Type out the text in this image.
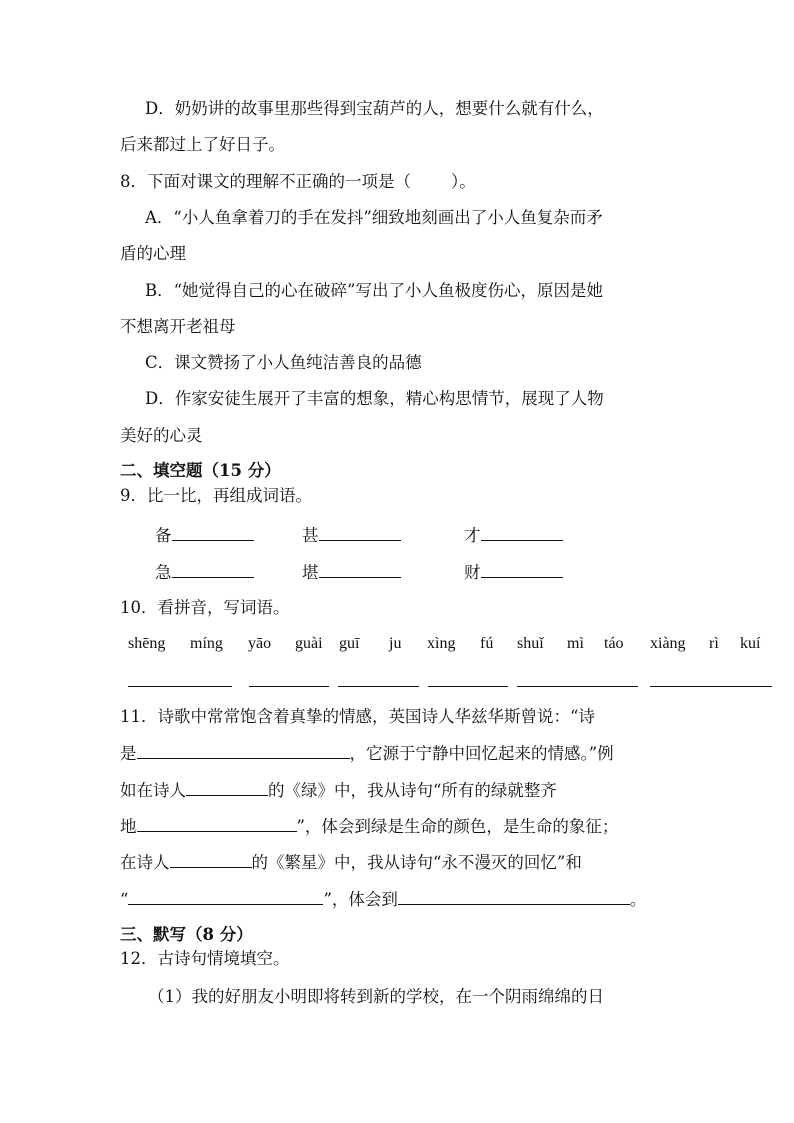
D．奶奶讲的故事里那些得到宝葫芦的人，想要什么就有什么，
后来都过上了好日子。
8．下面对课文的理解不正确的一项是（ ）。
A．“小人鱼拿着刀的手在发抖”细致地刻画出了小人鱼复杂而矛
盾的心理
B．“她觉得自己的心在破碎”写出了小人鱼极度伤心，原因是她
不想离开老祖母
C．课文赞扬了小人鱼纯洁善良的品德
D．作家安徒生展开了丰富的想象，精心构思情节，展现了人物
美好的心灵
二、填空题（15 分）
9．比一比，再组成词语。
备	甚	才
急	堪	财
10．看拼音，写词语。
shēng míng yāo guài guī ju xìng fú shuǐ mì táo xiàng rì kuí
11．诗歌中常常饱含着真挚的情感，英国诗人华兹华斯曾说：“诗
是	，它源于宁静中回忆起来的情感。”例
如在诗人	的《绿》中，我从诗句“所有的绿就整齐
地	”，体会到绿是生命的颜色，是生命的象征；
在诗人	的《繁星》中，我从诗句“永不漫灭的回忆”和
“	”，体会到	。
三、默写（8 分）
12．古诗句情境填空。
（1）我的好朋友小明即将转到新的学校，在一个阴雨绵绵的日
